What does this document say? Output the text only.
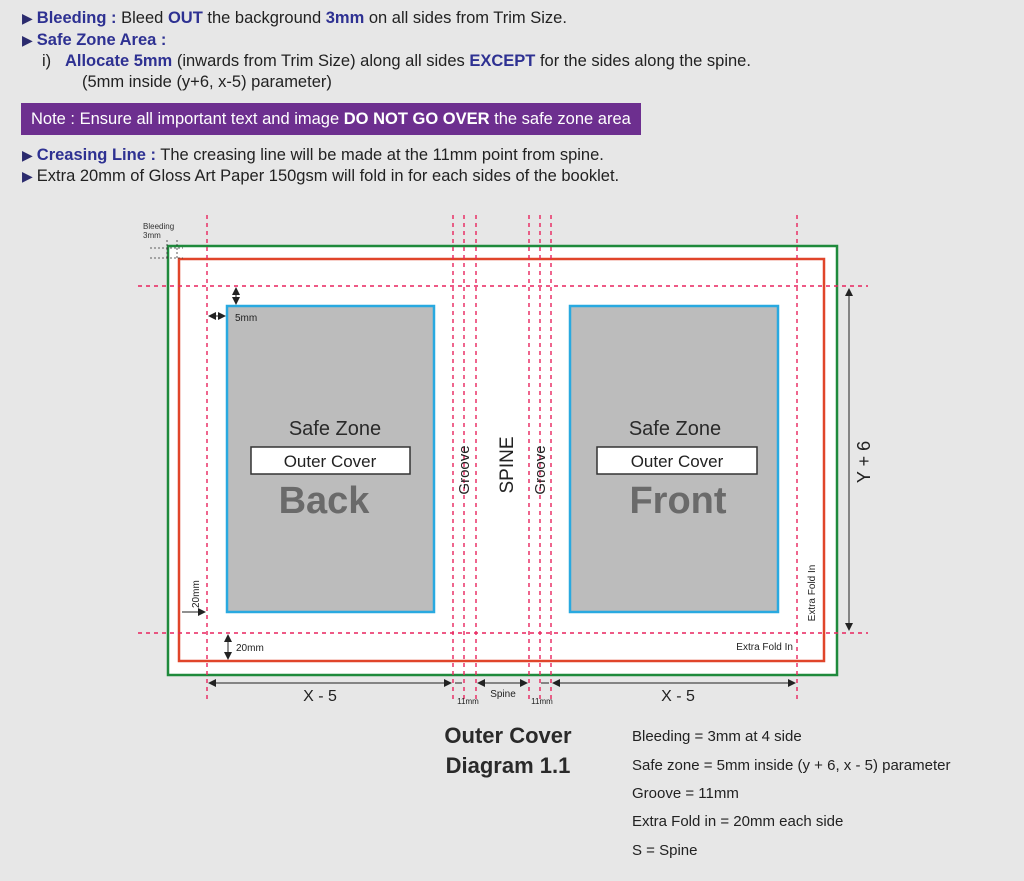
▶ Bleeding : Bleed OUT the background 3mm on all sides from Trim Size.
▶ Safe Zone Area :
i) Allocate 5mm (inwards from Trim Size) along all sides EXCEPT for the sides along the spine.
(5mm inside (y+6, x-5) parameter)
Note : Ensure all important text and image DO NOT GO OVER the safe zone area
▶ Creasing Line : The creasing line will be made at the 11mm point from spine.
▶ Extra 20mm of Gloss Art Paper 150gsm will fold in for each sides of the booklet.
Bleeding
3mm
5mm
20mm
20mm
Safe Zone
Outer Cover
Back
Safe Zone
Outer Cover
Front
Groove SPINE Groove	Y + 6
Extra Fold In
Extra Fold In
X - 5	11mm
Spine
11mm	X - 5
Outer Cover
Diagram 1.1
Bleeding = 3mm at 4 side
Safe zone = 5mm inside (y + 6, x - 5) parameter
Groove = 11mm
Extra Fold in = 20mm each side
S = Spine
